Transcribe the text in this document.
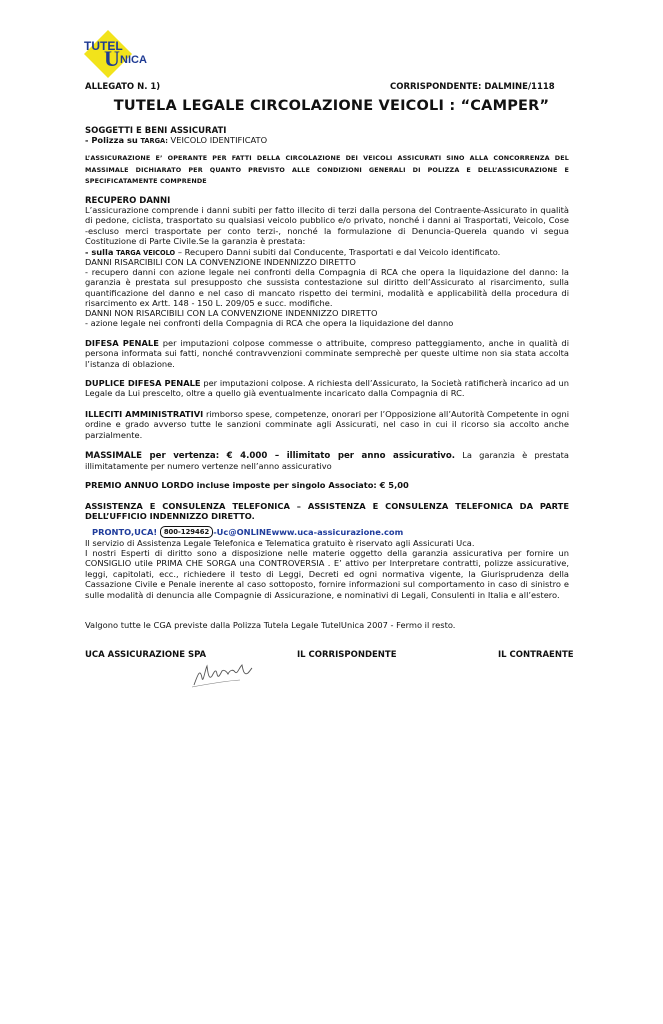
TUTEL
U NICA
ALLEGATO N. 1)	CORRISPONDENTE: DALMINE/1118
TUTELA LEGALE CIRCOLAZIONE VEICOLI : “CAMPER”
SOGGETTI E BENI ASSICURATI
- Polizza su TARGA: VEICOLO IDENTIFICATO
L’ASSICURAZIONE E’ OPERANTE PER FATTI DELLA CIRCOLAZIONE DEI VEICOLI ASSICURATI SINO ALLA CONCORRENZA DEL MASSIMALE DICHIARATO PER QUANTO PREVISTO ALLE CONDIZIONI GENERALI DI POLIZZA E DELL’ASSICURAZIONE E SPECIFICATAMENTE COMPRENDE
RECUPERO DANNI
L’assicurazione comprende i danni subiti per fatto illecito di terzi dalla persona del Contraente-Assicurato in qualità di pedone, ciclista, trasportato su qualsiasi veicolo pubblico e/o privato, nonché i danni ai Trasportati, Veicolo, Cose -escluso merci trasportate per conto terzi-, nonché la formulazione di Denuncia-Querela quando vi segua Costituzione di Parte Civile.Se la garanzia è prestata:
- sulla TARGA VEICOLO – Recupero Danni subiti dal Conducente, Trasportati e dal Veicolo identificato.
DANNI RISARCIBILI CON LA CONVENZIONE INDENNIZZO DIRETTO
- recupero danni con azione legale nei confronti della Compagnia di RCA che opera la liquidazione del danno: la garanzia è prestata sul presupposto che sussista contestazione sul diritto dell’Assicurato al risarcimento, sulla quantificazione del danno e nel caso di mancato rispetto dei termini, modalità e applicabilità della procedura di risarcimento ex Artt. 148 - 150 L. 209/05 e succ. modifiche.
DANNI NON RISARCIBILI CON LA CONVENZIONE INDENNIZZO DIRETTO
- azione legale nei confronti della Compagnia di RCA che opera la liquidazione del danno
DIFESA PENALE per imputazioni colpose commesse o attribuite, compreso patteggiamento, anche in qualità di persona informata sui fatti, nonché contravvenzioni comminate semprechè per queste ultime non sia stata accolta l’istanza di oblazione.
DUPLICE DIFESA PENALE per imputazioni colpose. A richiesta dell’Assicurato, la Società ratificherà incarico ad un Legale da Lui prescelto, oltre a quello già eventualmente incaricato dalla Compagnia di RC.
ILLECITI AMMINISTRATIVI rimborso spese, competenze, onorari per l’Opposizione all’Autorità Competente in ogni ordine e grado avverso tutte le sanzioni comminate agli Assicurati, nel caso in cui il ricorso sia accolto anche parzialmente.
MASSIMALE per vertenza: € 4.000 – illimitato per anno assicurativo. La garanzia è prestata illimitatamente per numero vertenze nell’anno assicurativo
PREMIO ANNUO LORDO incluse imposte per singolo Associato: € 5,00
ASSISTENZA E CONSULENZA TELEFONICA – ASSISTENZA E CONSULENZA TELEFONICA DA PARTE DELL’UFFICIO INDENNIZZO DIRETTO.
PRONTO,UCA! 800-129462 -Uc@ONLINEwww.uca-assicurazione.com
Il servizio di Assistenza Legale Telefonica e Telematica gratuito è riservato agli Assicurati Uca.
I nostri Esperti di diritto sono a disposizione nelle materie oggetto della garanzia assicurativa per fornire un CONSIGLIO utile PRIMA CHE SORGA una CONTROVERSIA . E’ attivo per Interpretare contratti, polizze assicurative, leggi, capitolati, ecc., richiedere il testo di Leggi, Decreti ed ogni normativa vigente, la Giurisprudenza della Cassazione Civile e Penale inerente al caso sottoposto, fornire informazioni sul comportamento in caso di sinistro e sulle modalità di denuncia alle Compagnie di Assicurazione, e nominativi di Legali, Consulenti in Italia e all’estero.
Valgono tutte le CGA previste dalla Polizza Tutela Legale TutelUnica 2007 - Fermo il resto.
UCA ASSICURAZIONE SPA	IL CORRISPONDENTE	IL CONTRAENTE
